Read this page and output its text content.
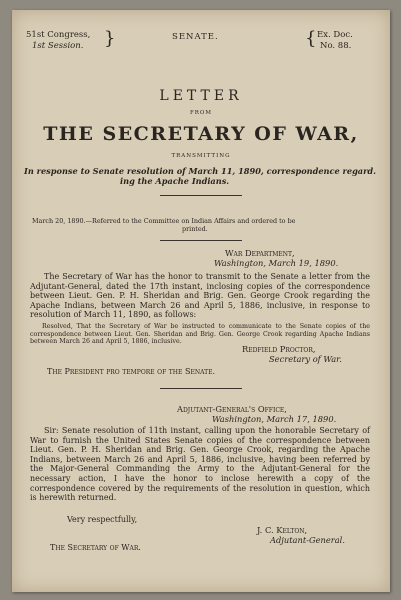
51st Congress,
1st Session. }	SENATE.	{ Ex. Doc.
No. 88.
LETTER
FROM
THE SECRETARY OF WAR,
TRANSMITTING
In response to Senate resolution of March 11, 1890, correspondence regard.
ing the Apache Indians.
March 20, 1890.—Referred to the Committee on Indian Affairs and ordered to be
printed.
War Department,
Washington, March 19, 1890.
The Secretary of War has the honor to transmit to the Senate a letter from the Adjutant-General, dated the 17th instant, inclosing copies of the correspondence between Lieut. Gen. P. H. Sheridan and Brig. Gen. George Crook regarding the Apache Indians, between March 26 and April 5, 1886, inclusive, in response to resolution of March 11, 1890, as follows:
Resolved, That the Secretary of War be instructed to communicate to the Senate copies of the correspondence between Lieut. Gen. Sheridan and Brig. Gen. George Crook regarding Apache Indians between March 26 and April 5, 1886, inclusive.
Redfield Proctor,
Secretary of War.
The President pro tempore of the Senate.
Adjutant-General's Office,
Washington, March 17, 1890.
Sir: Senate resolution of 11th instant, calling upon the honorable Secretary of War to furnish the United States Senate copies of the correspondence between Lieut. Gen. P. H. Sheridan and Brig. Gen. George Crook, regarding the Apache Indians, between March 26 and April 5, 1886, inclusive, having been referred by the Major-General Commanding the Army to the Adjutant-General for the necessary action, I have the honor to inclose herewith a copy of the correspondence covered by the requirements of the resolution in question, which is herewith returned.
Very respectfully,
J. C. Kelton,
Adjutant-General.
The Secretary of War.
